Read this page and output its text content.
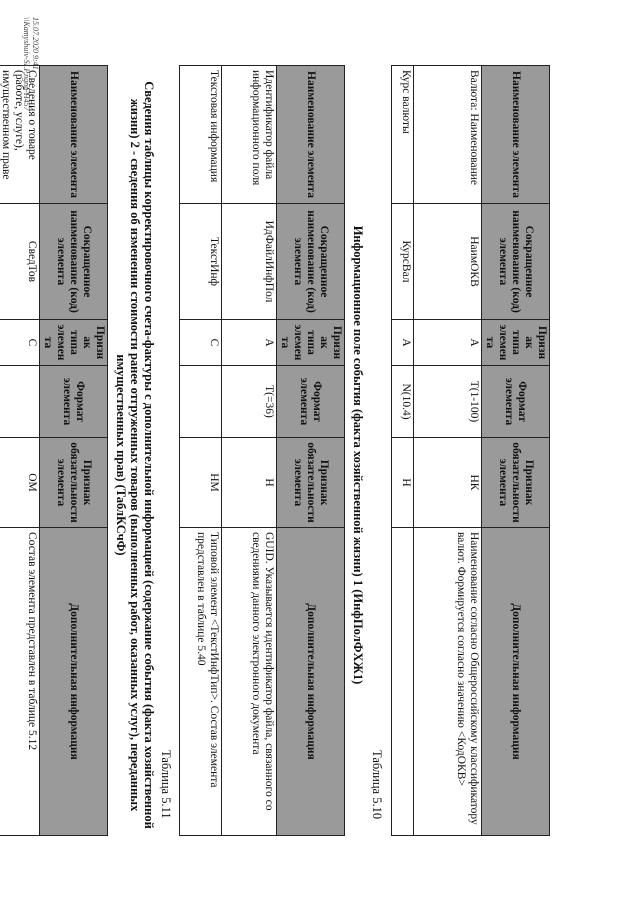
Наименование элемента	Сокращенное наименование (код) элемента	Признак типа элемента	Формат элемента	Признак обязательности элемента	Дополнительная информация
Валюта: Наименование	НаимОКВ	А	Т(1-100)	НК	Наименование согласно Общероссийскому классификатору валют. Формируется согласно значению <КодОКВ>
Курс валюты	КурсВал	А	N(10.4)	Н	
Таблица 5.10
Информационное поле события (факта хозяйственной жизни) 1 (ИнфПолФХЖ1)
Наименование элемента	Сокращенное наименование (код) элемента	Признак типа элемента	Формат элемента	Признак обязательности элемента	Дополнительная информация
Идентификатор файла информационного поля	ИдФайлИнфПол	А	Т(=36)	Н	GUID. Указывается идентификатор файла, связанного со сведениями данного электронного документа
Текстовая информация	ТекстИнф	С		НМ	Типовой элемент <ТекстИнфТип>. Состав элемента представлен в таблице 5.40
Таблица 5.11
Сведения таблицы корректировочного счета-фактуры с дополнительной информацией (содержание события (факта хозяйственной жизни) 2 - сведения об изменении стоимости ранее отгруженных товаров (выполненных работ, оказанных услуг), переданных имущественных прав) (ТаблКСчФ)
Наименование элемента	Сокращенное наименование (код) элемента	Признак типа элемента	Формат элемента	Признак обязательности элемента	Дополнительная информация
Сведения о товаре (работе, услуге), имущественном праве	СведТов	С		ОМ	Состав элемента представлен в таблице 5.12
15.07.2020 9:41
\\Kamyshuiv-SI.P.ngnu-H457
